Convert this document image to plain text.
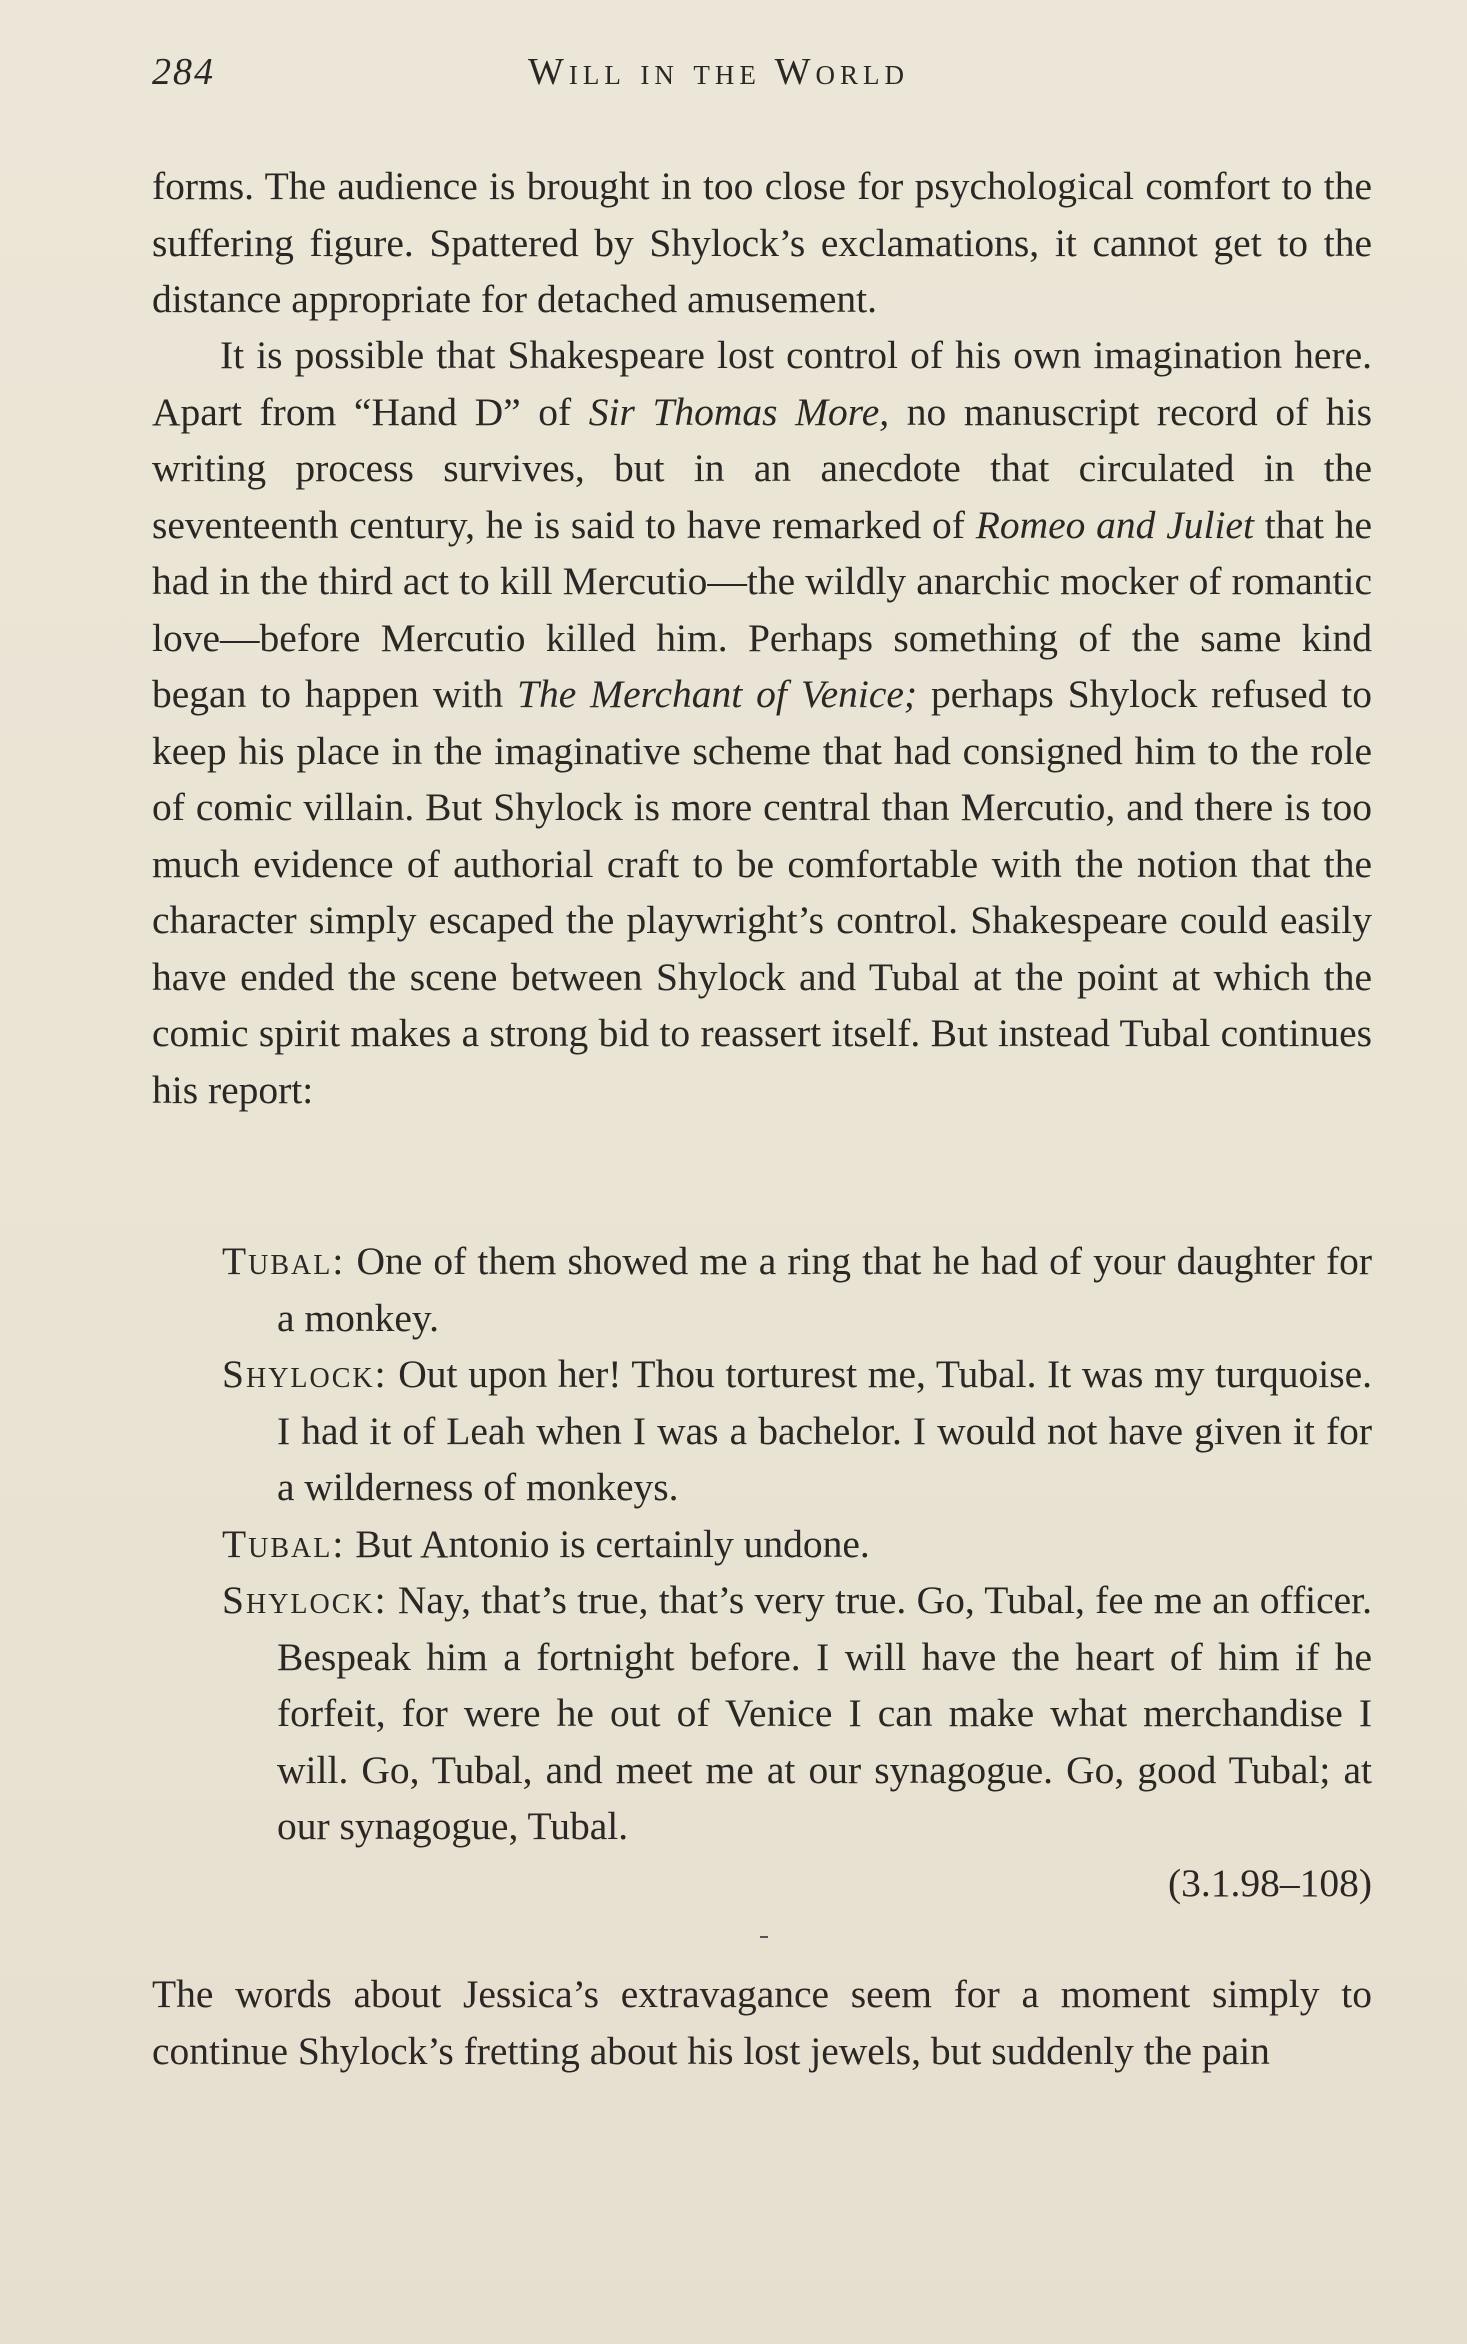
284	Will in the World

forms. The audience is brought in too close for psychological comfort to the suffering figure. Spattered by Shylock’s exclamations, it cannot get to the distance appropriate for detached amusement.

It is possible that Shakespeare lost control of his own imagination here. Apart from “Hand D” of Sir Thomas More, no manuscript record of his writing process survives, but in an anecdote that circulated in the seventeenth century, he is said to have remarked of Romeo and Juliet that he had in the third act to kill Mercutio—the wildly anarchic mocker of romantic love—before Mercutio killed him. Perhaps something of the same kind began to happen with The Merchant of Venice; perhaps Shylock refused to keep his place in the imaginative scheme that had consigned him to the role of comic villain. But Shylock is more central than Mercutio, and there is too much evidence of authorial craft to be comfortable with the notion that the character simply escaped the playwright’s control. Shakespeare could easily have ended the scene between Shylock and Tubal at the point at which the comic spirit makes a strong bid to reassert itself. But instead Tubal continues his report:

Tubal: One of them showed me a ring that he had of your daughter for a monkey.
Shylock: Out upon her! Thou torturest me, Tubal. It was my turquoise. I had it of Leah when I was a bachelor. I would not have given it for a wilderness of monkeys.
Tubal: But Antonio is certainly undone.
Shylock: Nay, that’s true, that’s very true. Go, Tubal, fee me an officer. Bespeak him a fortnight before. I will have the heart of him if he forfeit, for were he out of Venice I can make what merchandise I will. Go, Tubal, and meet me at our synagogue. Go, good Tubal; at our synagogue, Tubal.
(3.1.98–108)

The words about Jessica’s extravagance seem for a moment simply to continue Shylock’s fretting about his lost jewels, but suddenly the pain
